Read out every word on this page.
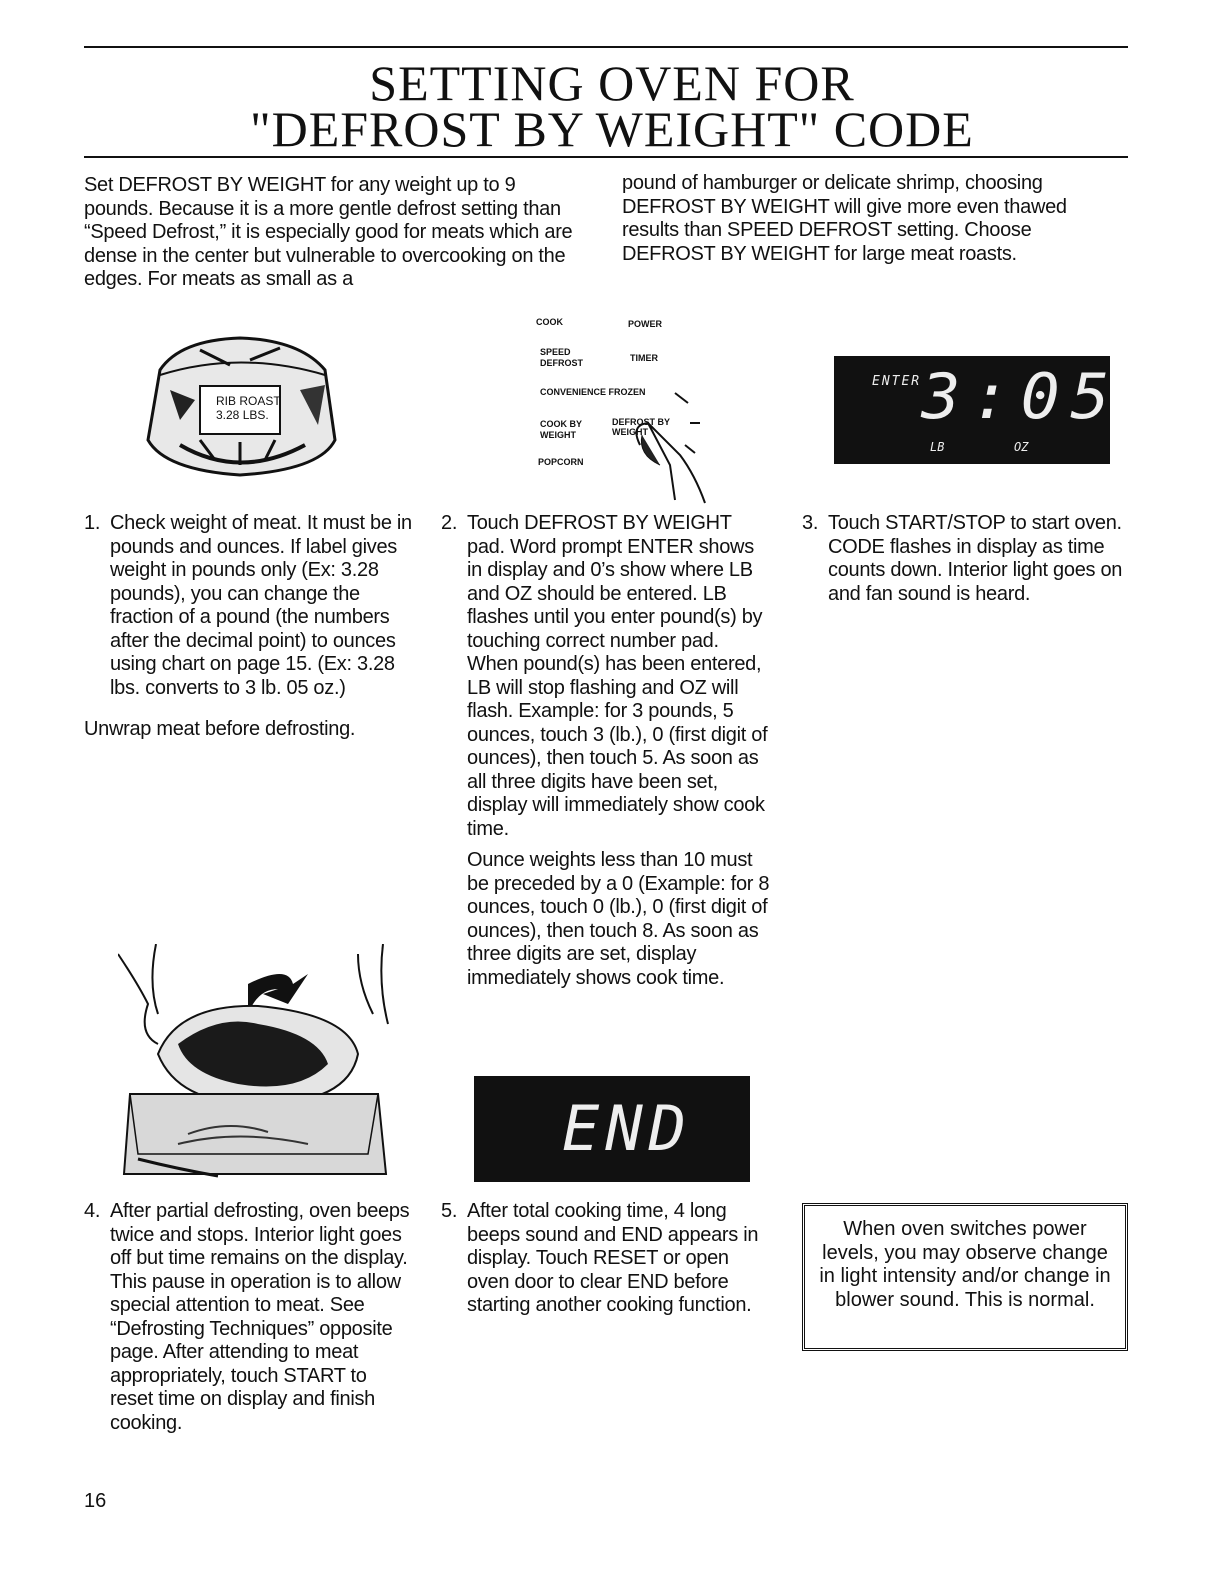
SETTING OVEN FOR
"DEFROST BY WEIGHT" CODE
Set DEFROST BY WEIGHT for any weight up to 9 pounds. Because it is a more gentle defrost setting than “Speed Defrost,” it is especially good for meats which are dense in the center but vulnerable to overcooking on the edges. For meats as small as a
pound of hamburger or delicate shrimp, choosing DEFROST BY WEIGHT will give more even thawed results than SPEED DEFROST setting. Choose DEFROST BY WEIGHT for large meat roasts.
RIB ROAST
3.28 LBS.
COOK	POWER
SPEED
DEFROST	TIMER
CONVENIENCE FROZEN
COOK BY
WEIGHT
DEFROST BY WEIGHT
POPCORN
ENTER 3:05
LB	OZ
1. Check weight of meat. It must be in pounds and ounces. If label gives weight in pounds only (Ex: 3.28 pounds), you can change the fraction of a pound (the numbers after the decimal point) to ounces using chart on page 15. (Ex: 3.28 lbs. converts to 3 lb. 05 oz.)
Unwrap meat before defrosting.
2. Touch DEFROST BY WEIGHT pad. Word prompt ENTER shows in display and 0’s show where LB and OZ should be entered. LB flashes until you enter pound(s) by touching correct number pad. When pound(s) has been entered, LB will stop flashing and OZ will flash. Example: for 3 pounds, 5 ounces, touch 3 (lb.), 0 (first digit of ounces), then touch 5. As soon as all three digits have been set, display will immediately show cook time.
Ounce weights less than 10 must be preceded by a 0 (Example: for 8 ounces, touch 0 (lb.), 0 (first digit of ounces), then touch 8. As soon as three digits are set, display immediately shows cook time.
3. Touch START/STOP to start oven. CODE flashes in display as time counts down. Interior light goes on and fan sound is heard.
END
4. After partial defrosting, oven beeps twice and stops. Interior light goes off but time remains on the display. This pause in operation is to allow special attention to meat. See “Defrosting Techniques” opposite page. After attending to meat appropriately, touch START to reset time on display and finish cooking.
5. After total cooking time, 4 long beeps sound and END appears in display. Touch RESET or open oven door to clear END before starting another cooking function.
When oven switches power levels, you may observe change in light intensity and/or change in blower sound. This is normal.
16
